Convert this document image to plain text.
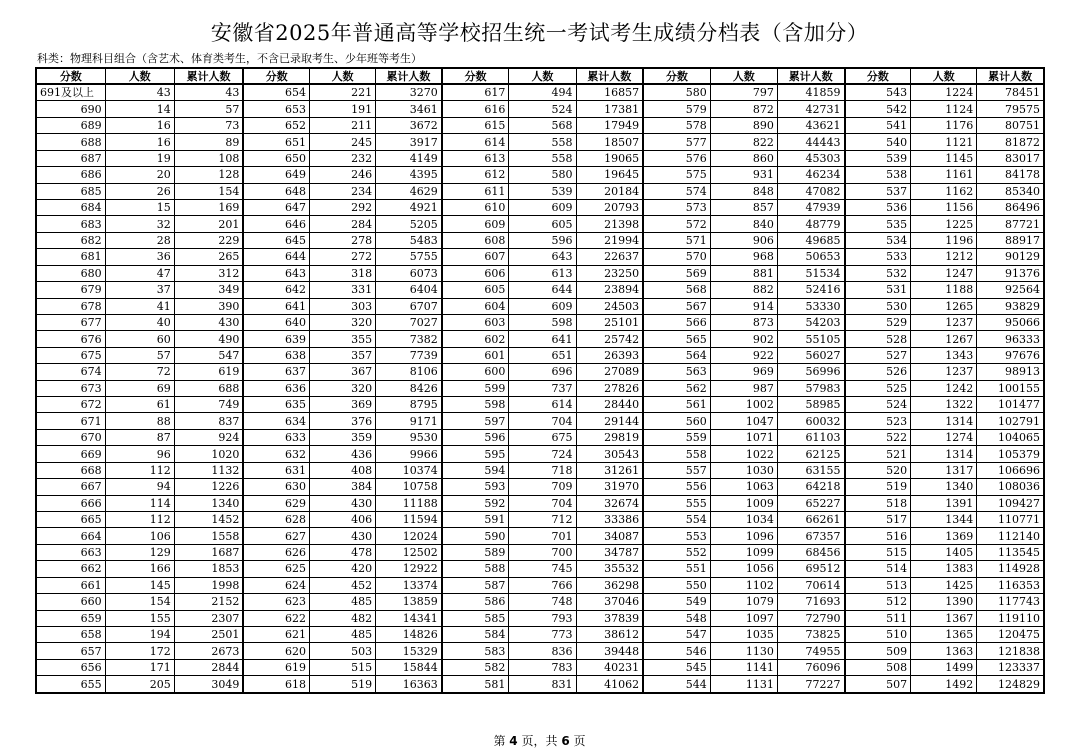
安徽省2025年普通高等学校招生统一考试考生成绩分档表（含加分）
科类：物理科目组合（含艺术、体育类考生，不含已录取考生、少年班等考生）
分数	人数	累计人数	分数	人数	累计人数	分数	人数	累计人数	分数	人数	累计人数	分数	人数	累计人数
691及以上	43	43	654	221	3270	617	494	16857	580	797	41859	543	1224	78451
690	14	57	653	191	3461	616	524	17381	579	872	42731	542	1124	79575
689	16	73	652	211	3672	615	568	17949	578	890	43621	541	1176	80751
688	16	89	651	245	3917	614	558	18507	577	822	44443	540	1121	81872
687	19	108	650	232	4149	613	558	19065	576	860	45303	539	1145	83017
686	20	128	649	246	4395	612	580	19645	575	931	46234	538	1161	84178
685	26	154	648	234	4629	611	539	20184	574	848	47082	537	1162	85340
684	15	169	647	292	4921	610	609	20793	573	857	47939	536	1156	86496
683	32	201	646	284	5205	609	605	21398	572	840	48779	535	1225	87721
682	28	229	645	278	5483	608	596	21994	571	906	49685	534	1196	88917
681	36	265	644	272	5755	607	643	22637	570	968	50653	533	1212	90129
680	47	312	643	318	6073	606	613	23250	569	881	51534	532	1247	91376
679	37	349	642	331	6404	605	644	23894	568	882	52416	531	1188	92564
678	41	390	641	303	6707	604	609	24503	567	914	53330	530	1265	93829
677	40	430	640	320	7027	603	598	25101	566	873	54203	529	1237	95066
676	60	490	639	355	7382	602	641	25742	565	902	55105	528	1267	96333
675	57	547	638	357	7739	601	651	26393	564	922	56027	527	1343	97676
674	72	619	637	367	8106	600	696	27089	563	969	56996	526	1237	98913
673	69	688	636	320	8426	599	737	27826	562	987	57983	525	1242	100155
672	61	749	635	369	8795	598	614	28440	561	1002	58985	524	1322	101477
671	88	837	634	376	9171	597	704	29144	560	1047	60032	523	1314	102791
670	87	924	633	359	9530	596	675	29819	559	1071	61103	522	1274	104065
669	96	1020	632	436	9966	595	724	30543	558	1022	62125	521	1314	105379
668	112	1132	631	408	10374	594	718	31261	557	1030	63155	520	1317	106696
667	94	1226	630	384	10758	593	709	31970	556	1063	64218	519	1340	108036
666	114	1340	629	430	11188	592	704	32674	555	1009	65227	518	1391	109427
665	112	1452	628	406	11594	591	712	33386	554	1034	66261	517	1344	110771
664	106	1558	627	430	12024	590	701	34087	553	1096	67357	516	1369	112140
663	129	1687	626	478	12502	589	700	34787	552	1099	68456	515	1405	113545
662	166	1853	625	420	12922	588	745	35532	551	1056	69512	514	1383	114928
661	145	1998	624	452	13374	587	766	36298	550	1102	70614	513	1425	116353
660	154	2152	623	485	13859	586	748	37046	549	1079	71693	512	1390	117743
659	155	2307	622	482	14341	585	793	37839	548	1097	72790	511	1367	119110
658	194	2501	621	485	14826	584	773	38612	547	1035	73825	510	1365	120475
657	172	2673	620	503	15329	583	836	39448	546	1130	74955	509	1363	121838
656	171	2844	619	515	15844	582	783	40231	545	1141	76096	508	1499	123337
655	205	3049	618	519	16363	581	831	41062	544	1131	77227	507	1492	124829
第 4 页，共 6 页
